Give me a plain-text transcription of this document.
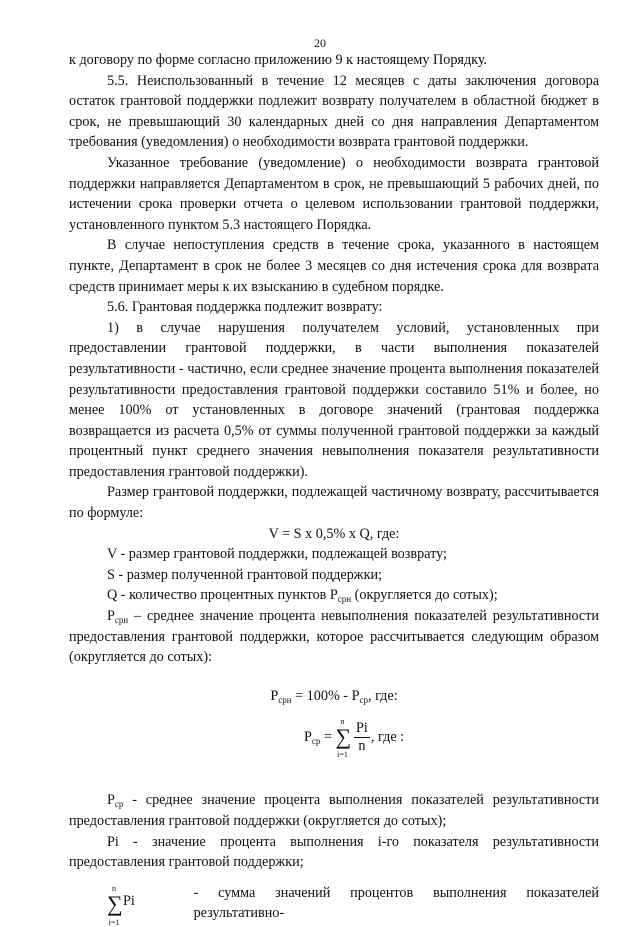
20

к договору по форме согласно приложению 9 к настоящему Порядку.

5.5. Неиспользованный в течение 12 месяцев с даты заключения договора остаток грантовой поддержки подлежит возврату получателем в областной бюджет в срок, не превышающий 30 календарных дней со дня направления Департаментом требования (уведомления) о необходимости возврата грантовой поддержки.

Указанное требование (уведомление) о необходимости возврата грантовой поддержки направляется Департаментом в срок, не превышающий 5 рабочих дней, по истечении срока проверки отчета о целевом использовании грантовой поддержки, установленного пунктом 5.3 настоящего Порядка.

В случае непоступления средств в течение срока, указанного в настоящем пункте, Департамент в срок не более 3 месяцев со дня истечения срока для возврата средств принимает меры к их взысканию в судебном порядке.

5.6. Грантовая поддержка подлежит возврату:

1) в случае нарушения получателем условий, установленных при предоставлении грантовой поддержки, в части выполнения показателей результативности - частично, если среднее значение процента выполнения показателей результативности предоставления грантовой поддержки составило 51% и более, но менее 100% от установленных в договоре значений (грантовая поддержка возвращается из расчета 0,5% от суммы полученной грантовой поддержки за каждый процентный пункт среднего значения невыполнения показателя результативности предоставления грантовой поддержки).

Размер грантовой поддержки, подлежащей частичному возврату, рассчитывается по формуле:

V = S x 0,5% x Q, где:

V - размер грантовой поддержки, подлежащей возврату;

S - размер полученной грантовой поддержки;

Q - количество процентных пунктов $P_{срн}$ (округляется до сотых);

$P_{срн}$ – среднее значение процента невыполнения показателей результативности предоставления грантовой поддержки, которое рассчитывается следующим образом (округляется до сотых):

$P_{срн} = 100\% - P_{ср}$, где:

$P_{ср}$ =
n
∑
i=1
$\frac{Pi}{n}$ , где :

$P_{ср}$ - среднее значение процента выполнения показателей результативности предоставления грантовой поддержки (округляется до сотых);

Pi - значение процента выполнения i-го показателя результативности предоставления грантовой поддержки;

n
∑
i=1
Pi
- сумма значений процентов выполнения показателей результативно-
